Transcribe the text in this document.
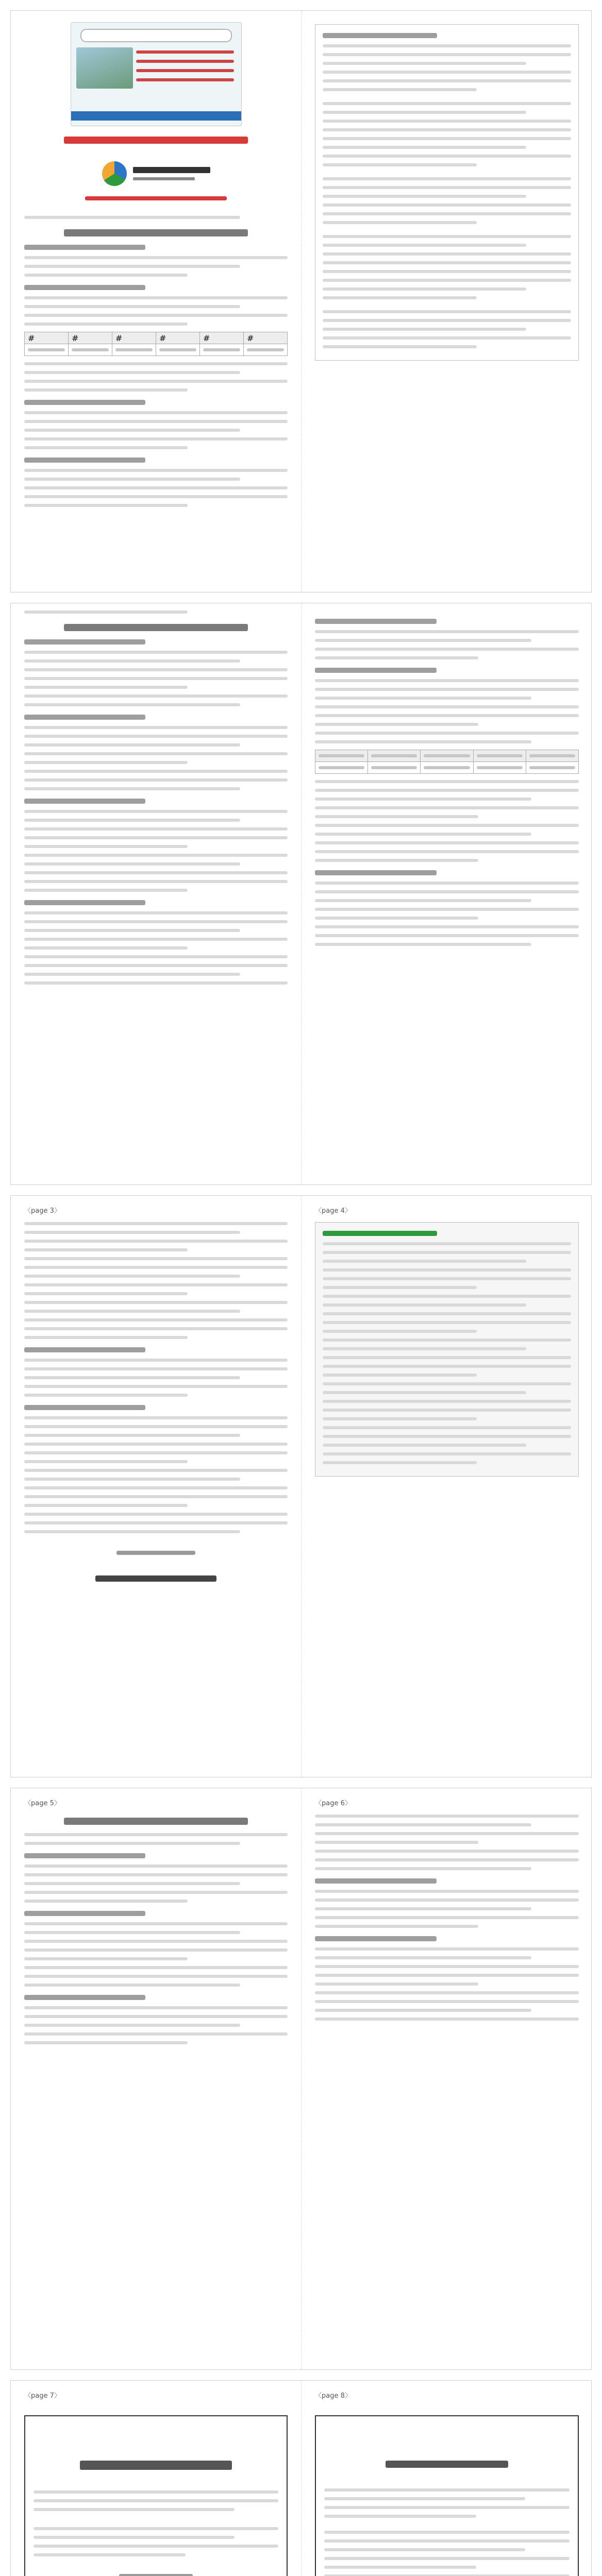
#	#	#	#	#	#

〈page 3〉	〈page 4〉
〈page 5〉	〈page 6〉
〈page 7〉	〈page 8〉
